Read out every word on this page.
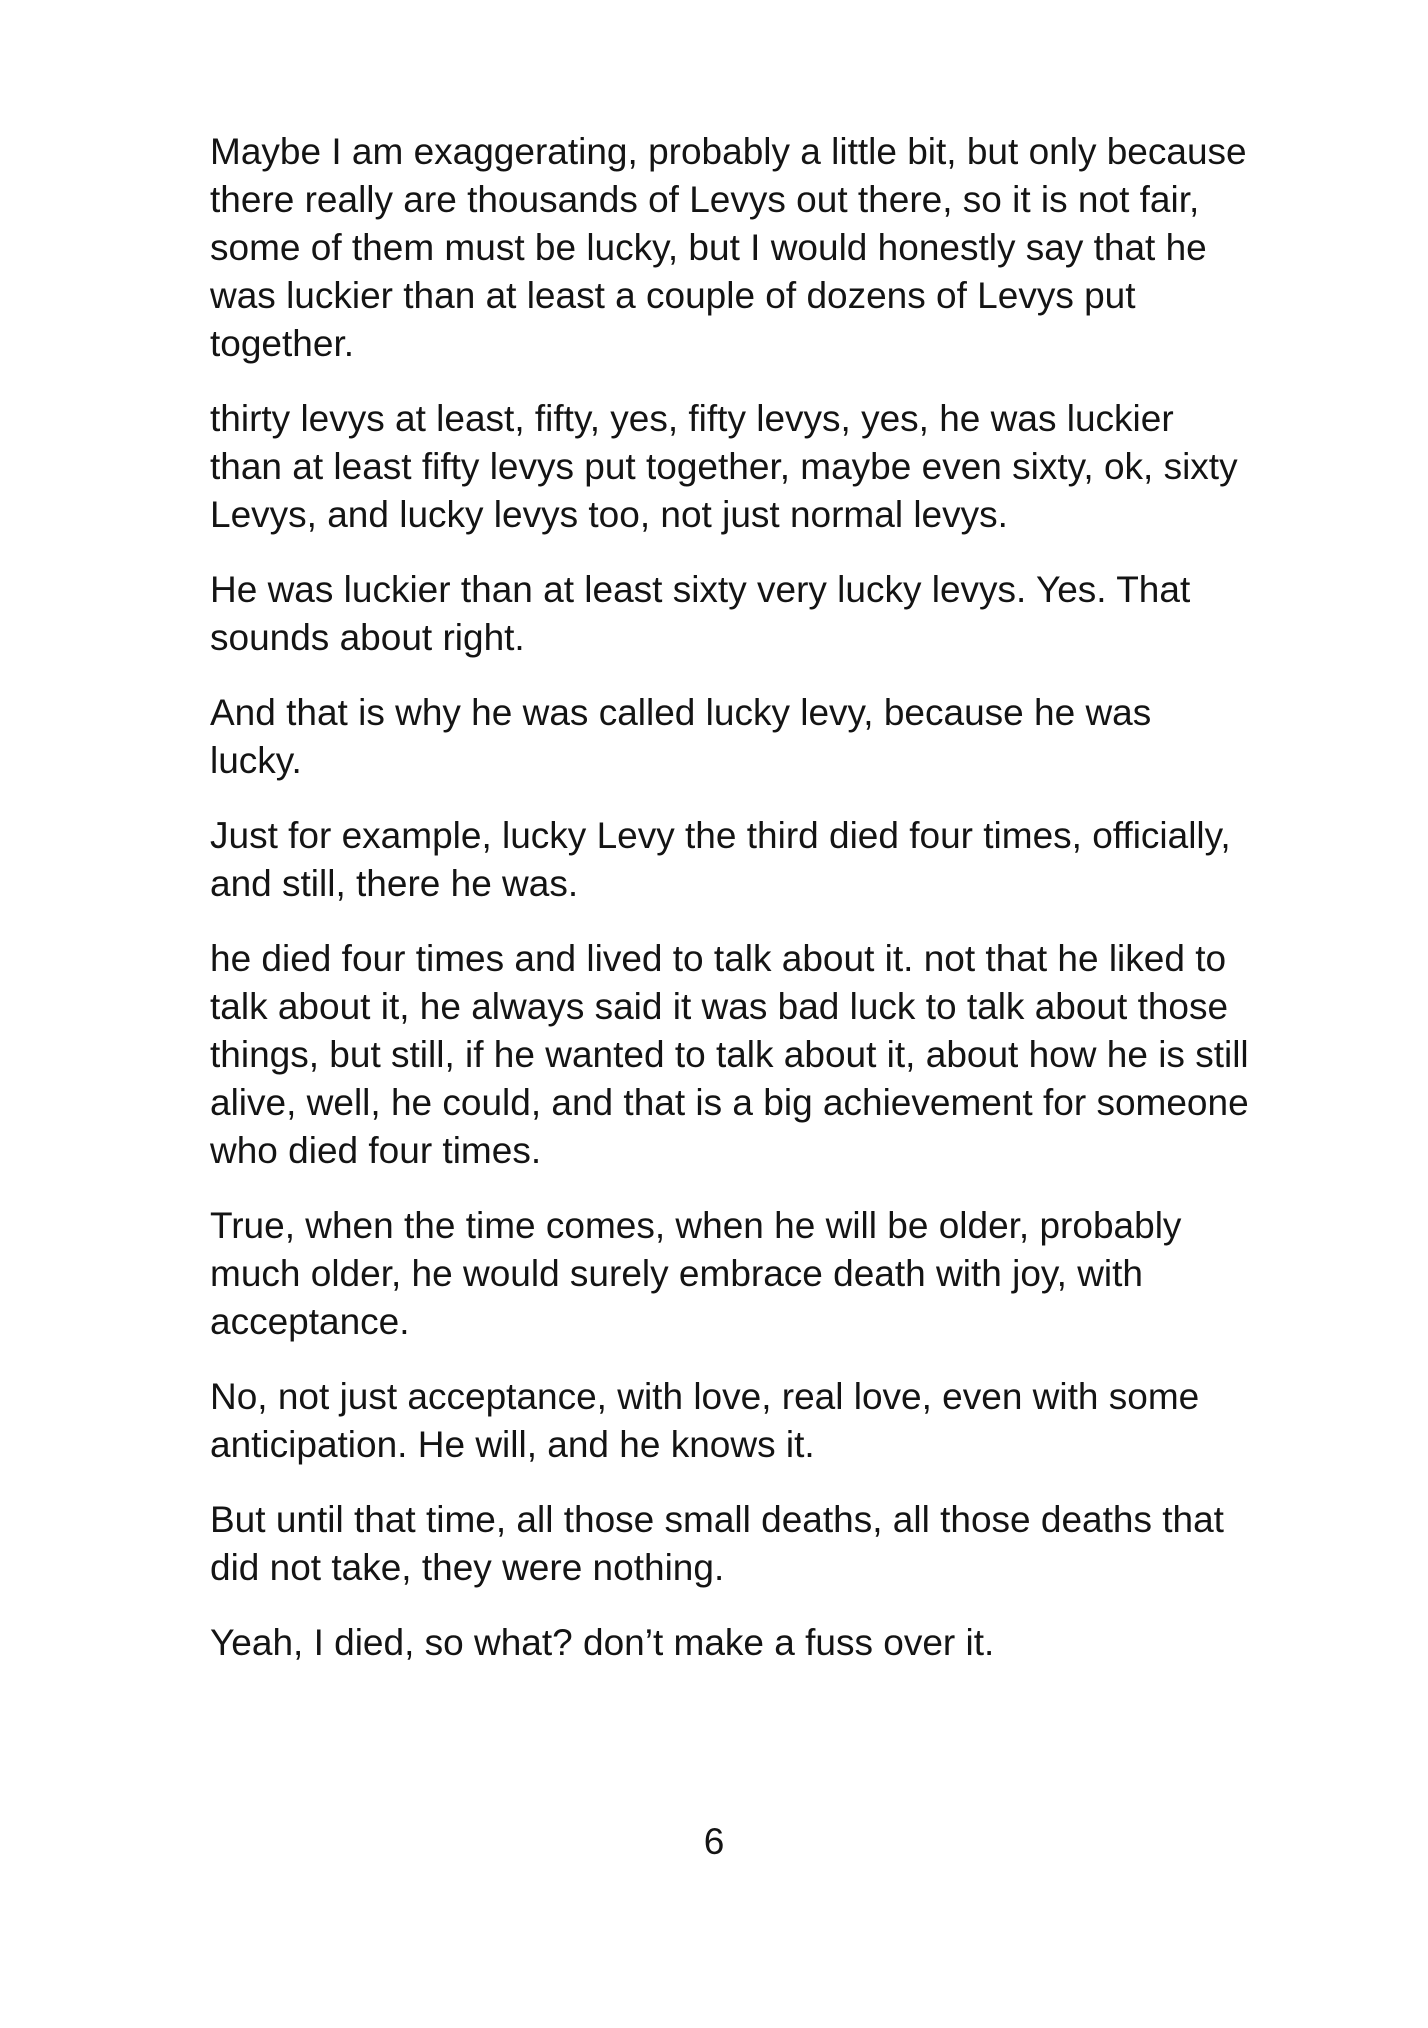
Maybe I am exaggerating, probably a little bit, but only because there really are thousands of Levys out there, so it is not fair, some of them must be lucky, but I would honestly say that he was luckier than at least a couple of dozens of Levys put together.

thirty levys at least, fifty, yes, fifty levys, yes, he was luckier than at least fifty levys put together, maybe even sixty, ok, sixty Levys, and lucky levys too, not just normal levys.

He was luckier than at least sixty very lucky levys. Yes. That sounds about right.

And that is why he was called lucky levy, because he was lucky.

Just for example, lucky Levy the third died four times, officially, and still, there he was.

he died four times and lived to talk about it. not that he liked to talk about it, he always said it was bad luck to talk about those things, but still, if he wanted to talk about it, about how he is still alive, well, he could, and that is a big achievement for someone who died four times.

True, when the time comes, when he will be older, probably much older, he would surely embrace death with joy, with acceptance.

No, not just acceptance, with love, real love, even with some anticipation. He will, and he knows it.

But until that time, all those small deaths, all those deaths that did not take, they were nothing.

Yeah, I died, so what? don’t make a fuss over it.

6
